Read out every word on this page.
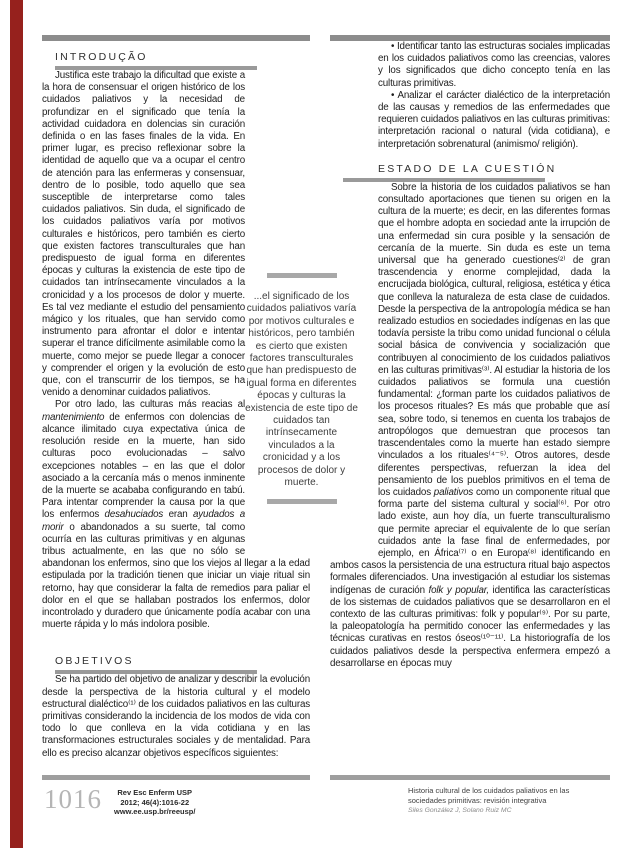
INTRODUÇÃO

Justifica este trabajo la dificultad que existe a la hora de consensuar el origen histórico de los cuidados paliativos y la necesidad de profundizar en el significado que tenía la actividad cuidadora en dolencias sin curación definida o en las fases finales de la vida. En primer lugar, es preciso reflexionar sobre la identidad de aquello que va a ocupar el centro de atención para las enfermeras y consensuar, dentro de lo posible, todo aquello que sea susceptible de interpretarse como tales cuidados paliativos. Sin duda, el significado de los cuidados paliativos varía por motivos culturales e históricos, pero también es cierto que existen factores transculturales que han predispuesto de igual forma en diferentes épocas y culturas la existencia de este tipo de cuidados tan intrínsecamente vinculados a la cronicidad y a los procesos de dolor y muerte. Es tal vez mediante el estudio del pensamiento mágico y los rituales, que han servido como instrumento para afrontar el dolor e intentar superar el trance difícilmente asimilable como la muerte, como mejor se puede llegar a conocer y comprender el origen y la evolución de esto que, con el transcurrir de los tiempos, se ha venido a denominar cuidados paliativos.

Por otro lado, las culturas más reacias al mantenimiento de enfermos con dolencias de alcance ilimitado cuya expectativa única de resolución reside en la muerte, han sido culturas poco evolucionadas – salvo excepciones notables – en las que el dolor asociado a la cercanía más o menos inminente de la muerte se acababa configurando en tabú. Para intentar comprender la causa por la que los enfermos desahuciados eran ayudados a morir o abandonados a su suerte, tal como ocurría en las culturas primitivas y en algunas tribus actualmente, en las que no sólo se abandonan los enfermos, sino que los viejos al llegar a la edad estipulada por la tradición tienen que iniciar un viaje ritual sin retorno, hay que considerar la falta de remedios para paliar el dolor en el que se hallaban postrados los enfermos, dolor incontrolado y duradero que únicamente podía acabar con una muerte rápida y lo más indolora posible.

OBJETIVOS

Se ha partido del objetivo de analizar y describir la evolución desde la perspectiva de la historia cultural y el modelo estructural dialéctico⁽¹⁾ de los cuidados paliativos en las culturas primitivas considerando la incidencia de los modos de vida con todo lo que conlleva en la vida cotidiana y en las transformaciones estructurales sociales y de mentalidad. Para ello es preciso alcanzar objetivos específicos siguientes:

• Identificar tanto las estructuras sociales implicadas en los cuidados paliativos como las creencias, valores y los significados que dicho concepto tenía en las culturas primitivas.

• Analizar el carácter dialéctico de la interpretación de las causas y remedios de las enfermedades que requieren cuidados paliativos en las culturas primitivas: interpretación racional o natural (vida cotidiana), e interpretación sobrenatural (animismo/ religión).

ESTADO DE LA CUESTIÓN

Sobre la historia de los cuidados paliativos se han consultado aportaciones que tienen su origen en la cultura de la muerte; es decir, en las diferentes formas que el hombre adopta en sociedad ante la irrupción de una enfermedad sin cura posible y la sensación de cercanía de la muerte. Sin duda es este un tema universal que ha generado cuestiones⁽²⁾ de gran trascendencia y enorme complejidad, dada la encrucijada biológica, cultural, religiosa, estética y ética que conlleva la naturaleza de esta clase de cuidados. Desde la perspectiva de la antropología médica se han realizado estudios en sociedades indígenas en las que todavía persiste la tribu como unidad funcional o célula social básica de convivencia y socialización que contribuyen al conocimiento de los cuidados paliativos en las culturas primitivas⁽³⁾. Al estudiar la historia de los cuidados paliativos se formula una cuestión fundamental: ¿forman parte los cuidados paliativos de los procesos rituales? Es más que probable que así sea, sobre todo, si tenemos en cuenta los trabajos de antropólogos que demuestran que procesos tan trascendentales como la muerte han estado siempre vinculados a los rituales⁽⁴⁻⁵⁾. Otros autores, desde diferentes perspectivas, refuerzan la idea del pensamiento de los pueblos primitivos en el tema de los cuidados paliativos como un componente ritual que forma parte del sistema cultural y social⁽⁶⁾. Por otro lado existe, aun hoy día, un fuerte transculturalismo que permite apreciar el equivalente de lo que serían cuidados ante la fase final de enfermedades, por ejemplo, en África⁽⁷⁾ o en Europa⁽⁸⁾ identificando en ambos casos la persistencia de una estructura ritual bajo aspectos formales diferenciados. Una investigación al estudiar los sistemas indígenas de curación folk y popular, identifica las características de los sistemas de cuidados paliativos que se desarrollaron en el contexto de las culturas primitivas: folk y popular⁽⁹⁾. Por su parte, la paleopatología ha permitido conocer las enfermedades y las técnicas curativas en restos óseos⁽¹⁰⁻¹¹⁾. La historiografía de los cuidados paliativos desde la perspectiva enfermera empezó a desarrollarse en épocas muy

...el significado de los cuidados paliativos varía por motivos culturales e históricos, pero también es cierto que existen factores transculturales que han predispuesto de igual forma en diferentes épocas y culturas la existencia de este tipo de cuidados tan intrínsecamente vinculados a la cronicidad y a los procesos de dolor y muerte.
1016	Rev Esc Enferm USP
2012; 46(4):1016-22
www.ee.usp.br/reeusp/
Historia cultural de los cuidados paliativos en las
sociedades primitivas: revisión integrativa
Siles González J, Solano Ruiz MC
